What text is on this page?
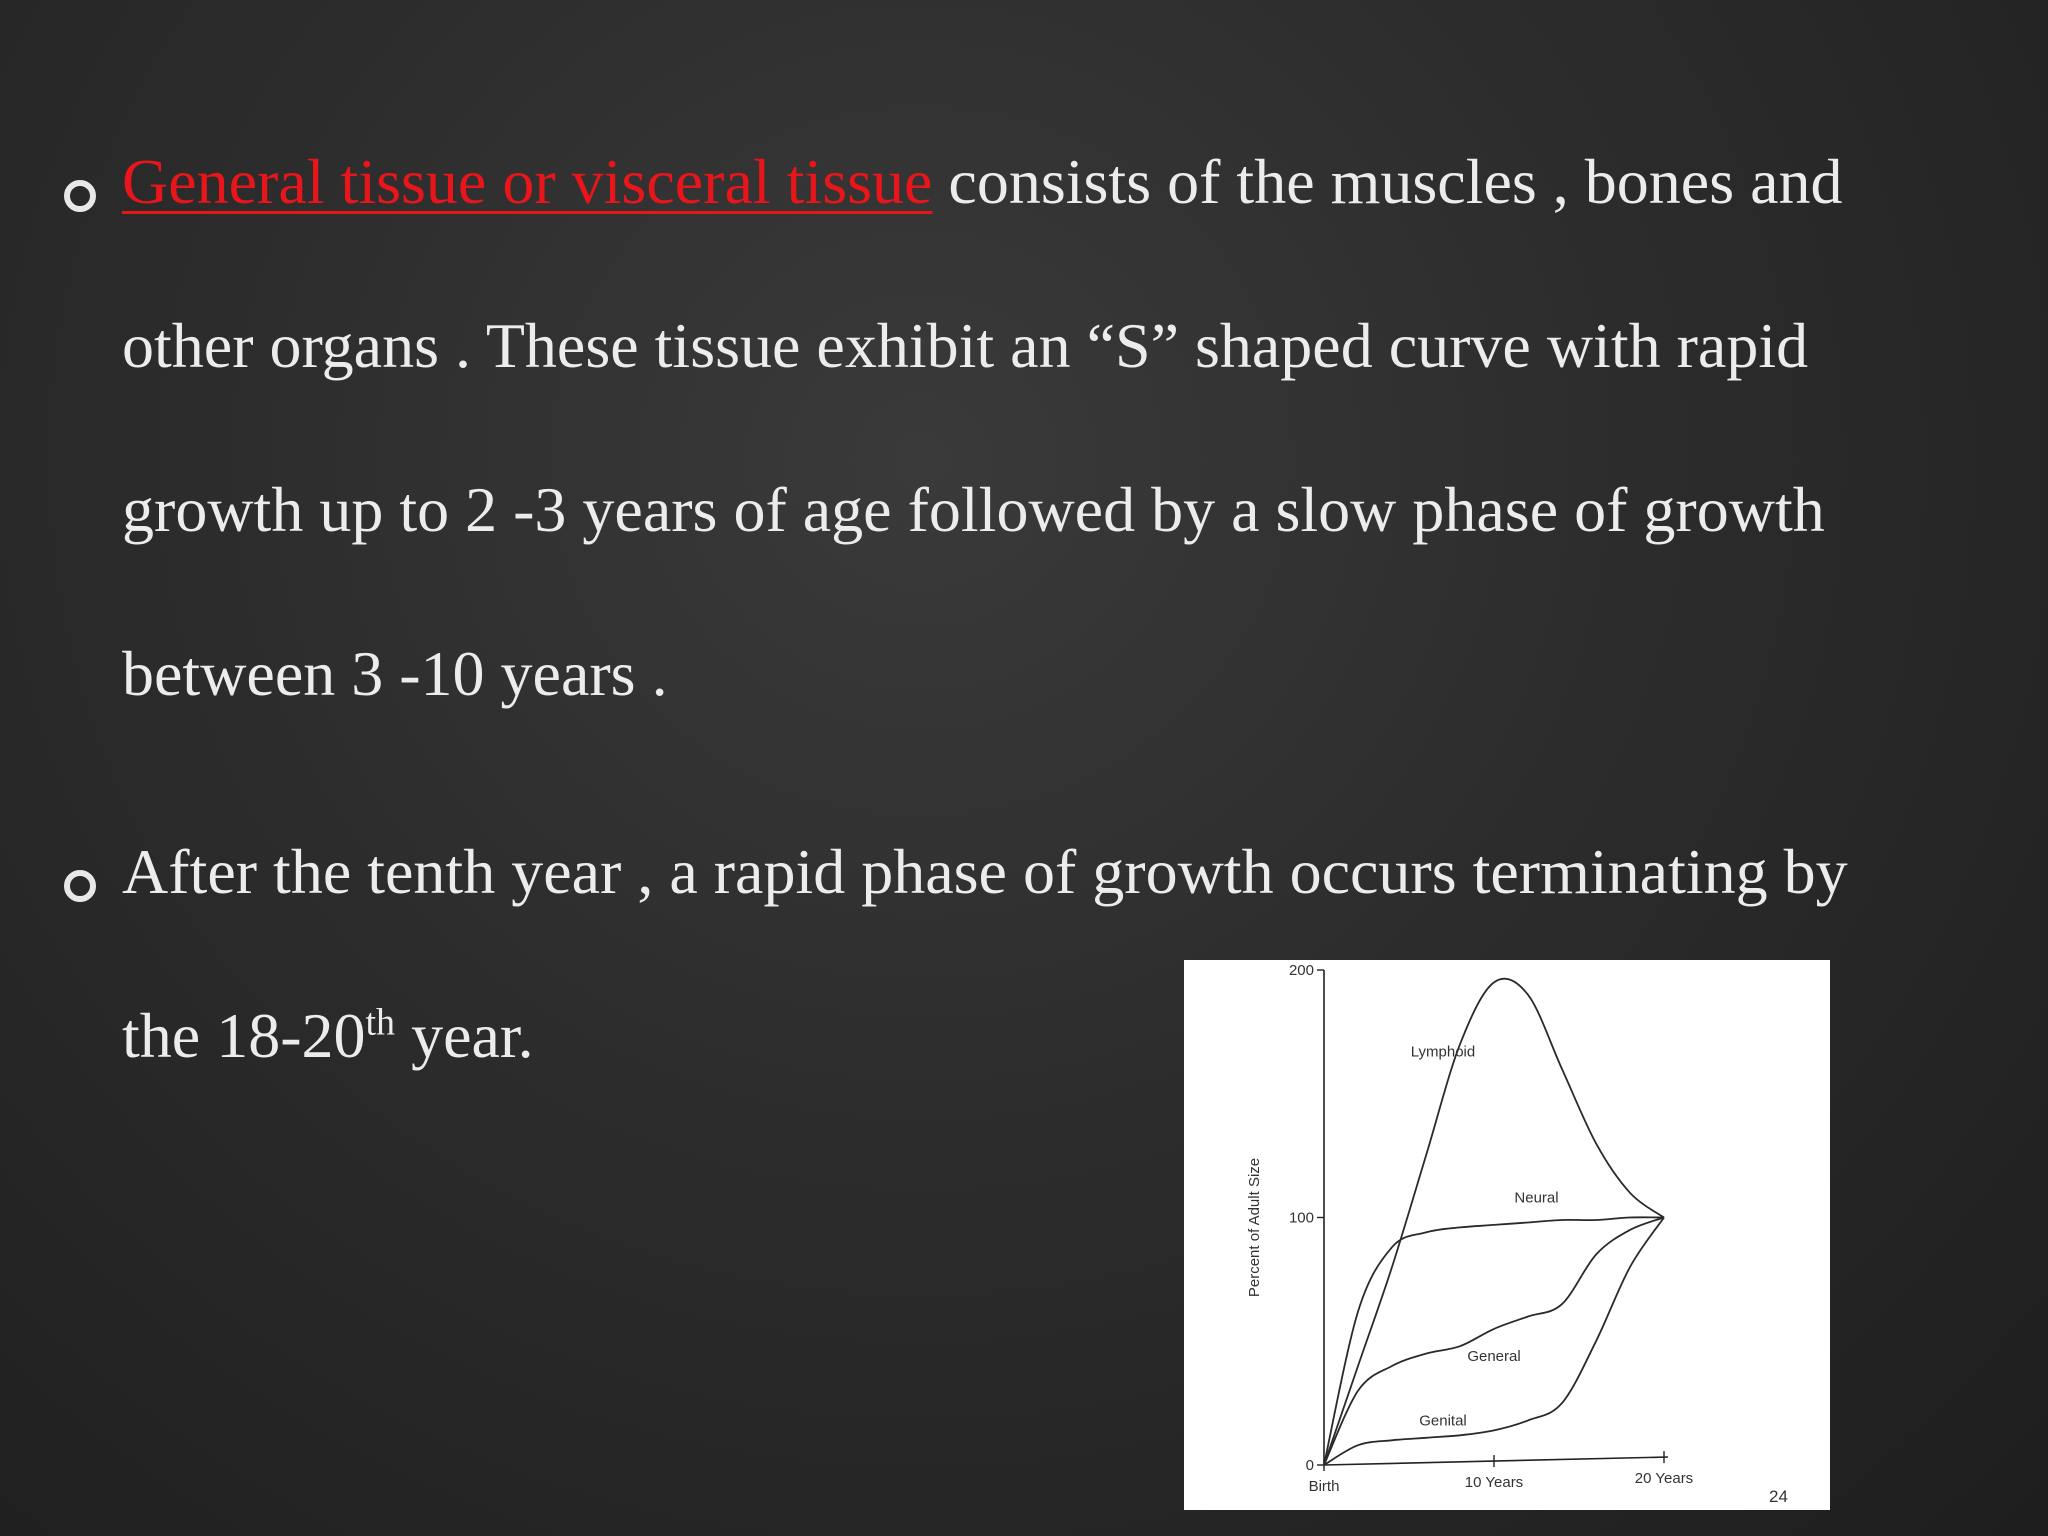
General tissue or visceral tissue consists of the muscles , bones and
other organs . These tissue exhibit an “S” shaped curve with rapid
growth up to 2 -3 years of age followed by a slow phase of growth
between 3 -10 years .
After the tenth year , a rapid phase of growth occurs terminating by
the 18-20th year.
0
100
200
Birth	10 Years	20 Years
Percent of Adult Size
Lymphoid
Neural
General
Genital
24
